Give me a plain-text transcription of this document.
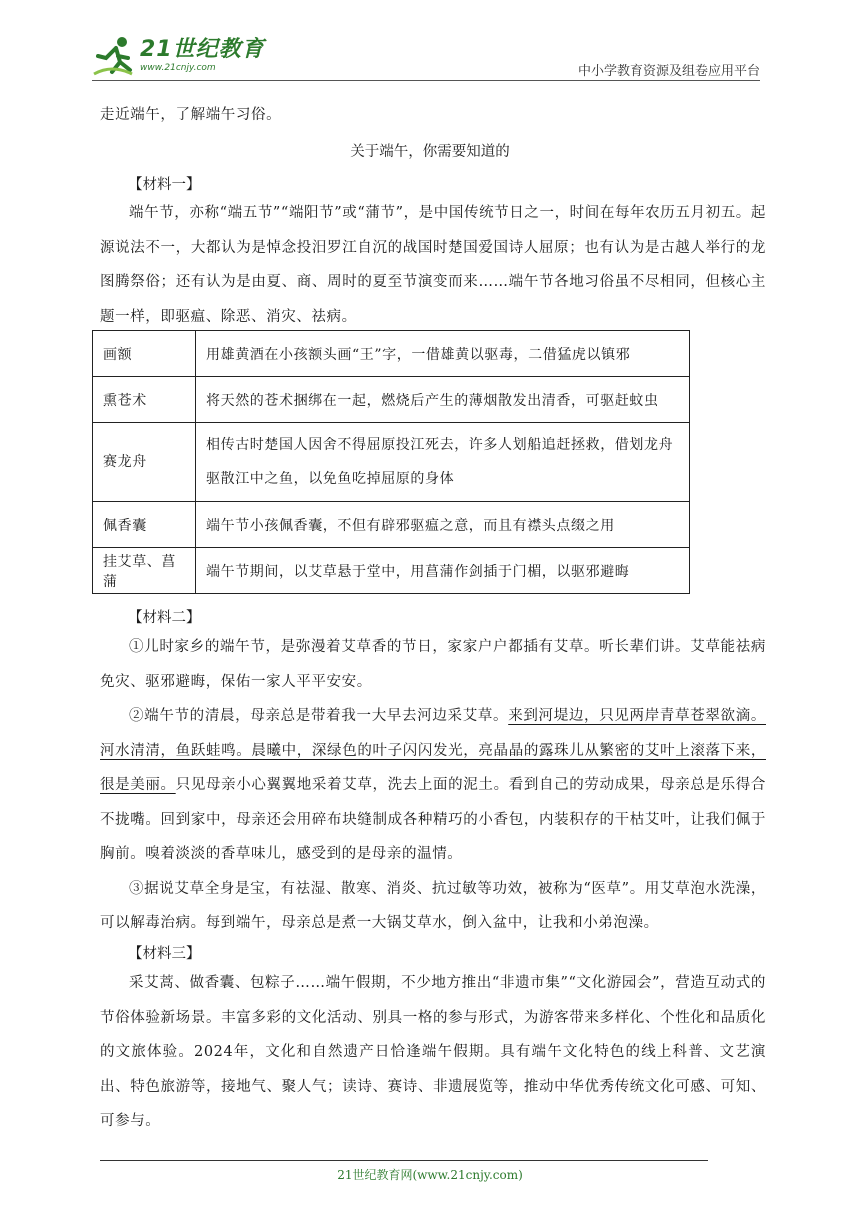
21世纪教育
www.21cnjy.com	中小学教育资源及组卷应用平台

走近端午，了解端午习俗。

关于端午，你需要知道的
【材料一】

端午节，亦称“端五节”“端阳节”或“蒲节”，是中国传统节日之一，时间在每年农历五月初五。起源说法不一，大都认为是悼念投汨罗江自沉的战国时楚国爱国诗人屈原；也有认为是古越人举行的龙图腾祭俗；还有认为是由夏、商、周时的夏至节演变而来……端午节各地习俗虽不尽相同，但核心主题一样，即驱瘟、除恶、消灾、祛病。

画额	用雄黄酒在小孩额头画“王”字，一借雄黄以驱毒，二借猛虎以镇邪
熏苍术	将天然的苍术捆绑在一起，燃烧后产生的薄烟散发出清香，可驱赶蚊虫
赛龙舟	相传古时楚国人因舍不得屈原投江死去，许多人划船追赶拯救，借划龙舟驱散江中之鱼，以免鱼吃掉屈原的身体
佩香囊	端午节小孩佩香囊，不但有辟邪驱瘟之意，而且有襟头点缀之用
挂艾草、菖蒲	端午节期间，以艾草悬于堂中，用菖蒲作剑插于门楣，以驱邪避晦
【材料二】

①儿时家乡的端午节，是弥漫着艾草香的节日，家家户户都插有艾草。听长辈们讲。艾草能祛病免灾、驱邪避晦，保佑一家人平平安安。

②端午节的清晨，母亲总是带着我一大早去河边采艾草。来到河堤边，只见两岸青草苍翠欲滴。河水清清，鱼跃蛙鸣。晨曦中，深绿色的叶子闪闪发光，亮晶晶的露珠儿从繁密的艾叶上滚落下来，很是美丽。只见母亲小心翼翼地采着艾草，洗去上面的泥土。看到自己的劳动成果，母亲总是乐得合不拢嘴。回到家中，母亲还会用碎布块缝制成各种精巧的小香包，内装积存的干枯艾叶，让我们佩于胸前。嗅着淡淡的香草味儿，感受到的是母亲的温情。

③据说艾草全身是宝，有祛湿、散寒、消炎、抗过敏等功效，被称为“医草”。用艾草泡水洗澡，可以解毒治病。每到端午，母亲总是煮一大锅艾草水，倒入盆中，让我和小弟泡澡。

【材料三】

采艾蒿、做香囊、包粽子……端午假期，不少地方推出“非遗市集”“文化游园会”，营造互动式的节俗体验新场景。丰富多彩的文化活动、别具一格的参与形式，为游客带来多样化、个性化和品质化的文旅体验。2024年，文化和自然遗产日恰逢端午假期。具有端午文化特色的线上科普、文艺演出、特色旅游等，接地气、聚人气；读诗、赛诗、非遗展览等，推动中华优秀传统文化可感、可知、可参与。

21世纪教育网(www.21cnjy.com)
